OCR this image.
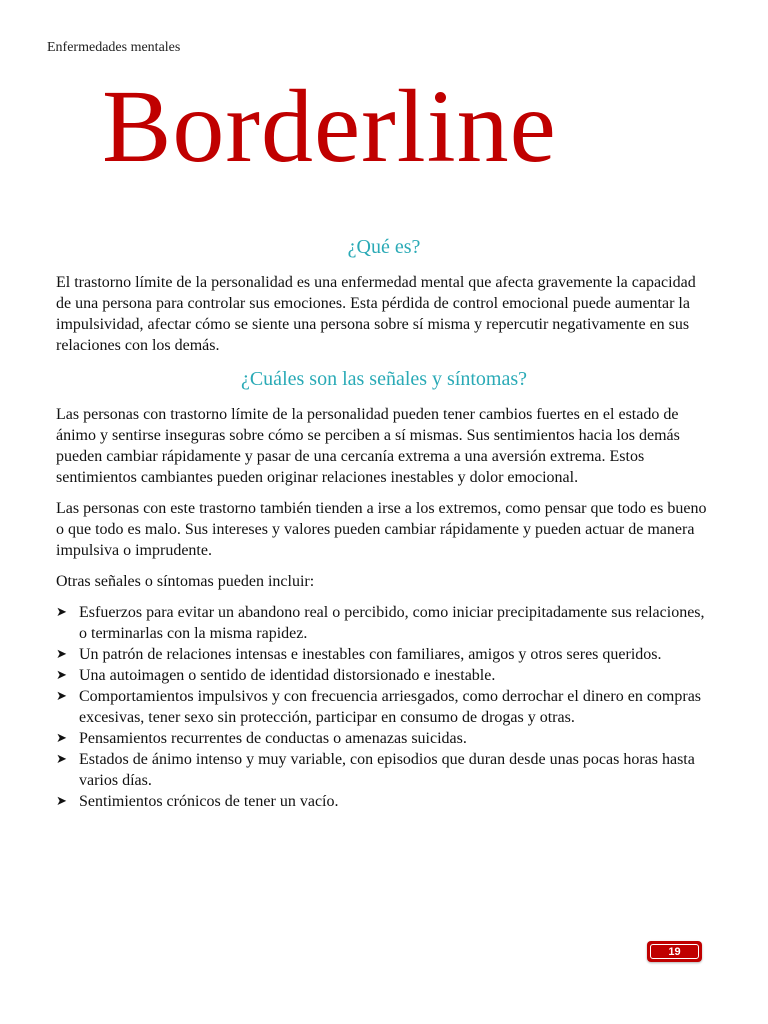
Enfermedades mentales
Borderline
¿Qué es?

El trastorno límite de la personalidad es una enfermedad mental que afecta gravemente la capacidad de una persona para controlar sus emociones. Esta pérdida de control emocional puede aumentar la impulsividad, afectar cómo se siente una persona sobre sí misma y repercutir negativamente en sus relaciones con los demás.

¿Cuáles son las señales y síntomas?

Las personas con trastorno límite de la personalidad pueden tener cambios fuertes en el estado de ánimo y sentirse inseguras sobre cómo se perciben a sí mismas. Sus sentimientos hacia los demás pueden cambiar rápidamente y pasar de una cercanía extrema a una aversión extrema. Estos sentimientos cambiantes pueden originar relaciones inestables y dolor emocional.

Las personas con este trastorno también tienden a irse a los extremos, como pensar que todo es bueno o que todo es malo. Sus intereses y valores pueden cambiar rápidamente y pueden actuar de manera impulsiva o imprudente.

Otras señales o síntomas pueden incluir:

➤ Esfuerzos para evitar un abandono real o percibido, como iniciar precipitadamente sus relaciones, o terminarlas con la misma rapidez.
➤ Un patrón de relaciones intensas e inestables con familiares, amigos y otros seres queridos.
➤ Una autoimagen o sentido de identidad distorsionado e inestable.
➤ Comportamientos impulsivos y con frecuencia arriesgados, como derrochar el dinero en compras excesivas, tener sexo sin protección, participar en consumo de drogas y otras.
➤ Pensamientos recurrentes de conductas o amenazas suicidas.
➤ Estados de ánimo intenso y muy variable, con episodios que duran desde unas pocas horas hasta varios días.
➤ Sentimientos crónicos de tener un vacío.
19
